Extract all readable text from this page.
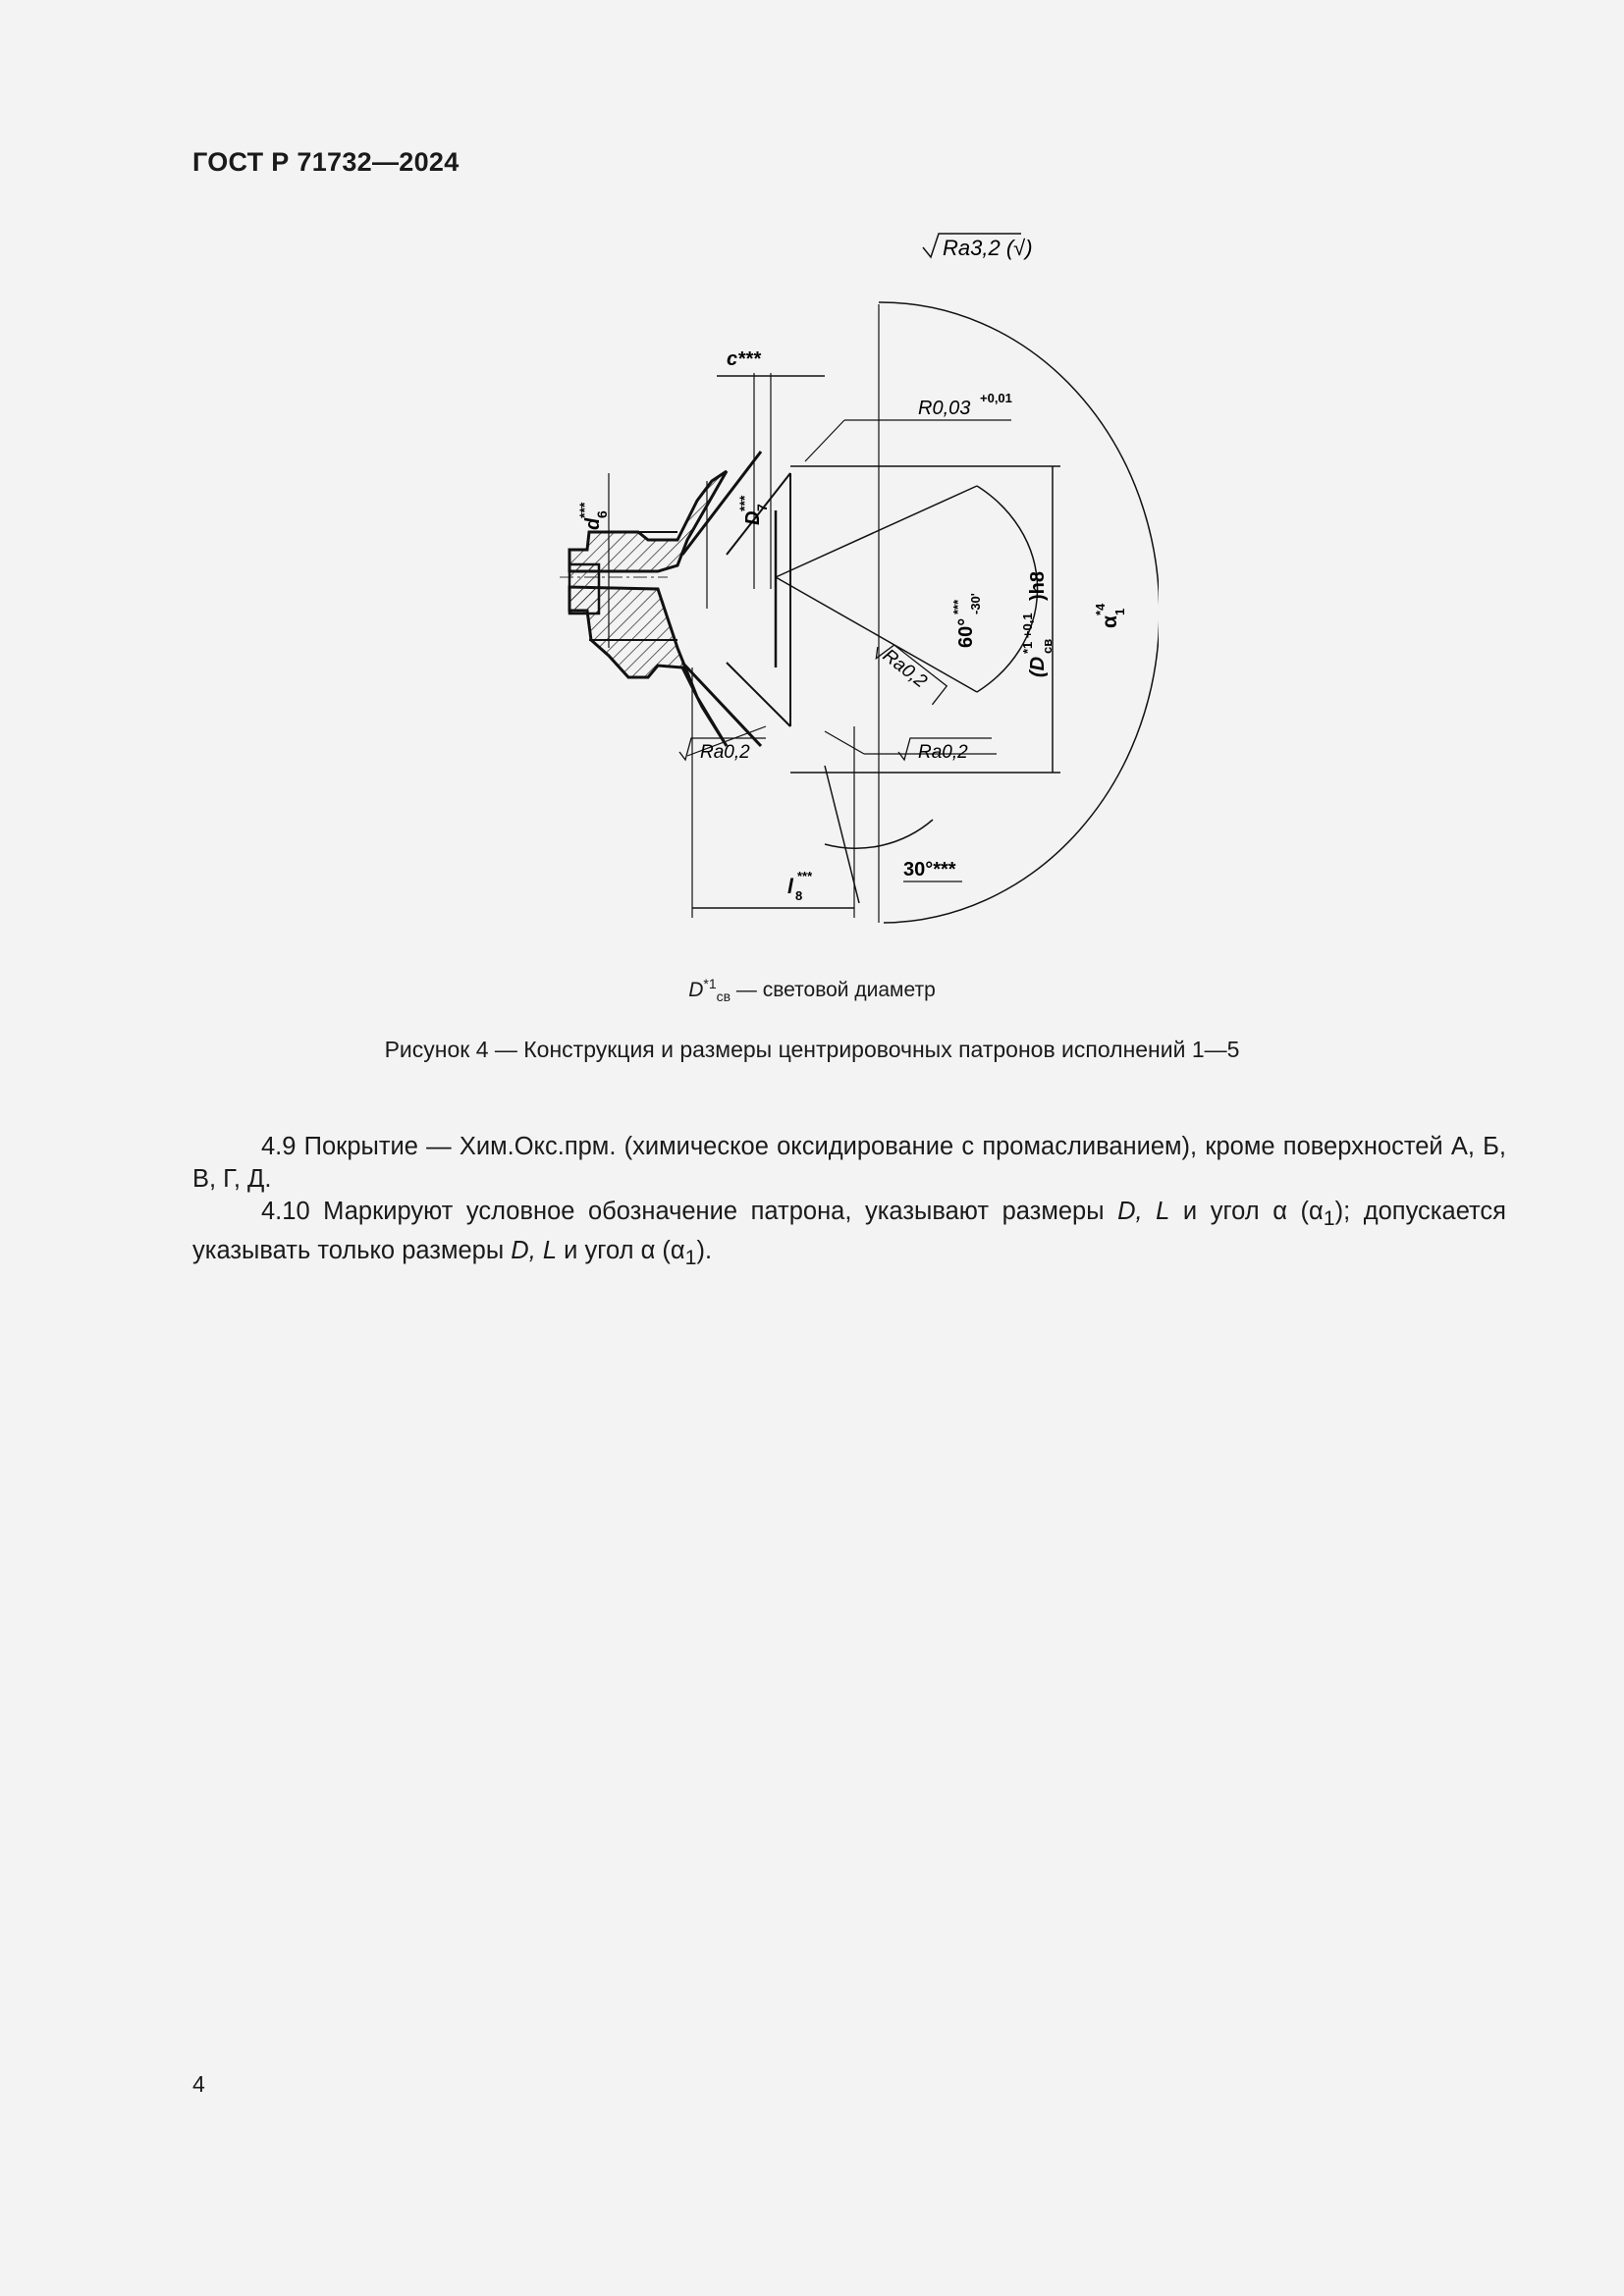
ГОСТ Р 71732—2024
Ra3,2 (√)
c***
R0,03 +0,01
d
6
***	D
7
***
60°
*** -30'
(D
св
*1 +0,1
)h8
α
1
*4
Ra0,2
Ra0,2	Ra0,2
30°***
l 8
***
$D^{*1}_{св}$ — световой диаметр
Рисунок 4 — Конструкция и размеры центрировочных патронов исполнений 1—5
4.9 Покрытие — Хим.Окс.прм. (химическое оксидирование с промасливанием), кроме поверхностей А, Б, В, Г, Д.
4.10 Маркируют условное обозначение патрона, указывают размеры D, L и угол α $(\alpha_1)$; допускается указывать только размеры D, L и угол α $(\alpha_1)$.
4
